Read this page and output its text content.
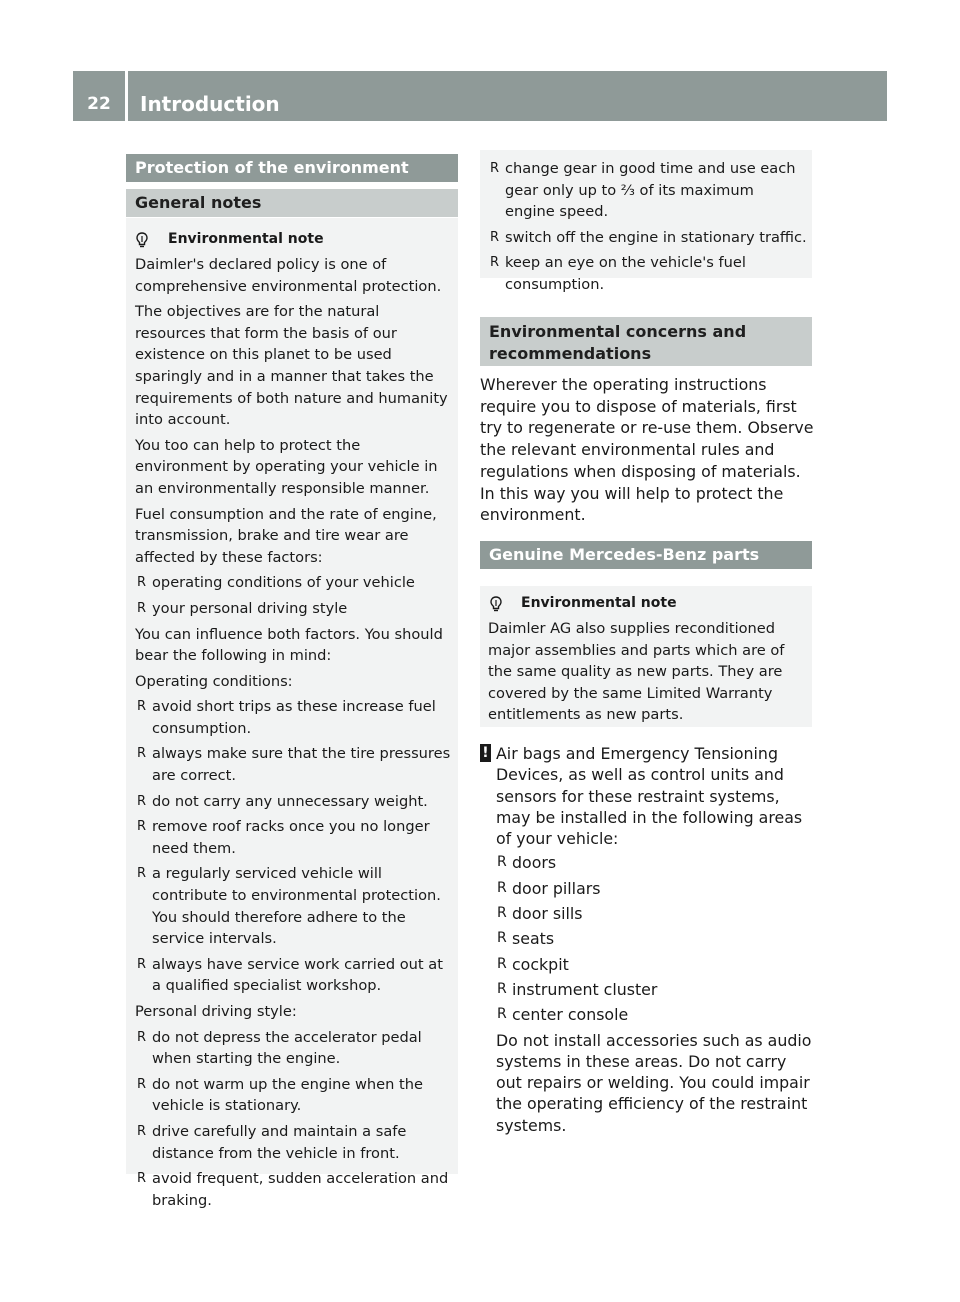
22	Introduction
Protection of the environment
General notes
Environmental note

Daimler's declared policy is one of comprehensive environmental protection.

The objectives are for the natural resources that form the basis of our existence on this planet to be used sparingly and in a manner that takes the requirements of both nature and humanity into account.

You too can help to protect the environment by operating your vehicle in an environmentally responsible manner.

Fuel consumption and the rate of engine, transmission, brake and tire wear are affected by these factors:

R operating conditions of your vehicle
R your personal driving style

You can influence both factors. You should bear the following in mind:

Operating conditions:

R avoid short trips as these increase fuel consumption.
R always make sure that the tire pressures are correct.
R do not carry any unnecessary weight.
R remove roof racks once you no longer need them.
R a regularly serviced vehicle will contribute to environmental protection. You should therefore adhere to the service intervals.
R always have service work carried out at a qualified specialist workshop.

Personal driving style:

R do not depress the accelerator pedal when starting the engine.
R do not warm up the engine when the vehicle is stationary.
R drive carefully and maintain a safe distance from the vehicle in front.
R avoid frequent, sudden acceleration and braking.
R change gear in good time and use each gear only up to ⅔ of its maximum engine speed.
R switch off the engine in stationary traffic.
R keep an eye on the vehicle's fuel consumption.
Environmental concerns and
recommendations
Wherever the operating instructions require you to dispose of materials, first try to regenerate or re-use them. Observe the relevant environmental rules and regulations when disposing of materials. In this way you will help to protect the environment.
Genuine Mercedes-Benz parts
Environmental note
Daimler AG also supplies reconditioned major assemblies and parts which are of the same quality as new parts. They are covered by the same Limited Warranty entitlements as new parts.
! Air bags and Emergency Tensioning Devices, as well as control units and sensors for these restraint systems, may be installed in the following areas of your vehicle:

R doors
R door pillars
R door sills
R seats
R cockpit
R instrument cluster
R center console

Do not install accessories such as audio systems in these areas. Do not carry out repairs or welding. You could impair the operating efficiency of the restraint systems.
